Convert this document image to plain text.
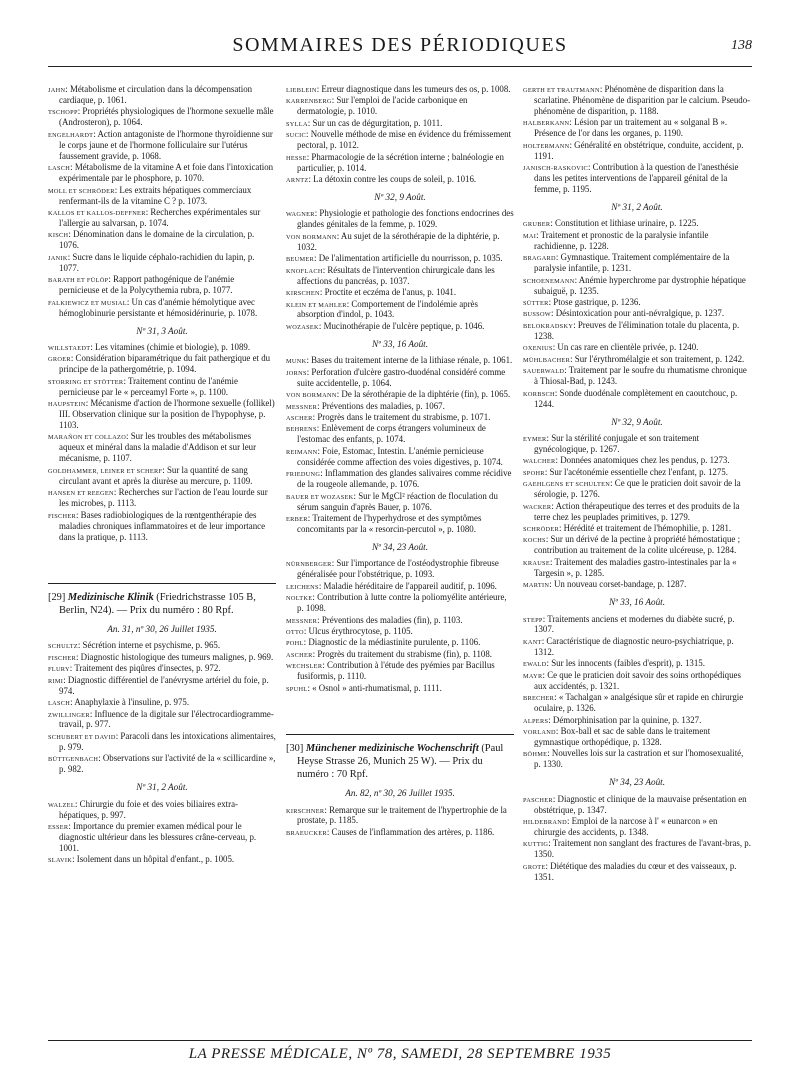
SOMMAIRES DES PÉRIODIQUES	138

JAHN: Métabolisme et circulation dans la décompensation cardiaque, p. 1061.

TSCHOPP: Propriétés physiologiques de l'hormone sexuelle mâle (Androsteron), p. 1064.

ENGELHARDT: Action antagoniste de l'hormone thyroïdienne sur le corps jaune et de l'hormone folliculaire sur l'utérus faussement gravide, p. 1068.

LASCH: Métabolisme de la vitamine A et foie dans l'intoxication expérimentale par le phosphore, p. 1070.

MOLL ET SCHRÖDER: Les extraits hépatiques commerciaux renfermant-ils de la vitamine C ? p. 1073.

KALLOS ET KALLOS-DEFFNER: Recherches expérimentales sur l'allergie au salvarsan, p. 1074.

KISCH: Dénomination dans le domaine de la circulation, p. 1076.

JANIK: Sucre dans le liquide céphalo-rachidien du lapin, p. 1077.

BARATH ET FÜLÖP: Rapport pathogénique de l'anémie pernicieuse et de la Polycythemia rubra, p. 1077.

FALKIEWICZ ET MUSIAL: Un cas d'anémie hémolytique avec hémoglobinurie persistante et hémosidérinurie, p. 1078.

Nº 31, 3 Août.

WILLSTAEDT: Les vitamines (chimie et biologie), p. 1089.

GROER: Considération biparamétrique du fait pathergique et du principe de la pathergométrie, p. 1094.

STORRING ET STÖTTER: Traitement continu de l'anémie pernicieuse par le « perceamyl Forte », p. 1100.

HAUPSTEIN: Mécanisme d'action de l'hormone sexuelle (follikel) III. Observation clinique sur la position de l'hypophyse, p. 1103.

MARAÑON ET COLLAZO: Sur les troubles des métabolismes aqueux et minéral dans la maladie d'Addison et sur leur mécanisme, p. 1107.

GOLDHAMMER, LEINER ET SCHERF: Sur la quantité de sang circulant avant et après la diurèse au mercure, p. 1109.

HANSEN ET REEGEN: Recherches sur l'action de l'eau lourde sur les microbes, p. 1113.

FISCHER: Bases radiobiologiques de la rœntgenthérapie des maladies chroniques inflammatoires et de leur importance dans la pratique, p. 1113.

[29] Medizinische Klinik (Friedrichstrasse 105 B, Berlin, N24). — Prix du numéro : 80 Rpf.
An. 31, nº 30, 26 Juillet 1935.

SCHULTZ: Sécrétion interne et psychisme, p. 965.

FISCHER: Diagnostic histologique des tumeurs malignes, p. 969.

FLURY: Traitement des piqûres d'insectes, p. 972.

RIMI: Diagnostic différentiel de l'anévrysme artériel du foie, p. 974.

LASCH: Anaphylaxie à l'insuline, p. 975.

ZWILLINGER: Influence de la digitale sur l'électrocardiogramme-travail, p. 977.

SCHUBERT ET DAVID: Paracoli dans les intoxications alimentaires, p. 979.

BÜTTGENBACH: Observations sur l'activité de la « scillicardine », p. 982.

Nº 31, 2 Août.

WALZEL: Chirurgie du foie et des voies biliaires extra-hépatiques, p. 997.

ESSER: Importance du premier examen médical pour le diagnostic ultérieur dans les blessures crâne-cerveau, p. 1001.

SLAVIK: Isolement dans un hôpital d'enfant., p. 1005.

LIEBLEIN: Erreur diagnostique dans les tumeurs des os, p. 1008.

KARRENBERG: Sur l'emploi de l'acide carbonique en dermatologie, p. 1010.

SYLLA: Sur un cas de dégurgitation, p. 1011.

SUCIC: Nouvelle méthode de mise en évidence du frémissement pectoral, p. 1012.

HESSE: Pharmacologie de la sécrétion interne ; balnéologie en particulier, p. 1014.

ARNTZ: La détoxin contre les coups de soleil, p. 1016.

Nº 32, 9 Août.

WAGNER: Physiologie et pathologie des fonctions endocrines des glandes génitales de la femme, p. 1029.

VON BORMANN: Au sujet de la sérothérapie de la diphtérie, p. 1032.

BEUMER: De l'alimentation artificielle du nourrisson, p. 1035.

KNOFLACH: Résultats de l'intervention chirurgicale dans les affections du pancréas, p. 1037.

KIRSCHEN: Proctite et eczéma de l'anus, p. 1041.

KLEIN ET MAHLER: Comportement de l'indolémie après absorption d'indol, p. 1043.

WOZASEK: Mucinothérapie de l'ulcère peptique, p. 1046.

Nº 33, 16 Août.

MUNK: Bases du traitement interne de la lithiase rénale, p. 1061.

JORNS: Perforation d'ulcère gastro-duodénal considéré comme suite accidentelle, p. 1064.

VON BORMANN: De la sérothérapie de la diphtérie (fin), p. 1065.

MESSNER: Préventions des maladies, p. 1067.

ASCHER: Progrès dans le traitement du strabisme, p. 1071.

BEHRENS: Enlèvement de corps étrangers volumineux de l'estomac des enfants, p. 1074.

REIMANN: Foie, Estomac, Intestin. L'anémie pernicieuse considérée comme affection des voies digestives, p. 1074.

FRIEDUNG: Inflammation des glandes salivaires comme récidive de la rougeole allemande, p. 1076.

BAUER ET WOZASEK: Sur le MgCl² réaction de floculation du sérum sanguin d'après Bauer, p. 1076.

ERBER: Traitement de l'hyperhydrose et des symptômes concomitants par la « resorcin-percutol », p. 1080.

Nº 34, 23 Août.

NÜRNBERGER: Sur l'importance de l'ostéodystrophie fibreuse généralisée pour l'obstétrique, p. 1093.

LEICHENS: Maladie héréditaire de l'appareil auditif, p. 1096.

NOLTKE: Contribution à lutte contre la poliomyélite antérieure, p. 1098.

MESSNER: Préventions des maladies (fin), p. 1103.

OTTO: Ulcus érythrocytose, p. 1105.

POHL: Diagnostic de la médiastinite purulente, p. 1106.

ASCHER: Progrès du traitement du strabisme (fin), p. 1108.

WECHSLER: Contribution à l'étude des pyémies par Bacillus fusiformis, p. 1110.

SPUHL: « Osnol » anti-rhumatismal, p. 1111.

[30] Münchener medizinische Wochenschrift (Paul Heyse Strasse 26, Munich 25 W). — Prix du numéro : 70 Rpf.
An. 82, nº 30, 26 Juillet 1935.

KIRSCHNER: Remarque sur le traitement de l'hypertrophie de la prostate, p. 1185.

BRAEUCKER: Causes de l'inflammation des artères, p. 1186.

GERTH ET TRAUTMANN: Phénomène de disparition dans la scarlatine. Phénomène de disparition par le calcium. Pseudo-phénomène de disparition, p. 1188.

HALBERKANN: Lésion par un traitement au « solganal B ». Présence de l'or dans les organes, p. 1190.

HOLTERMANN: Généralité en obstétrique, conduite, accident, p. 1191.

JANISCH-RASKOVIC: Contribution à la question de l'anesthésie dans les petites interventions de l'appareil génital de la femme, p. 1195.

Nº 31, 2 Août.

GRUBER: Constitution et lithiase urinaire, p. 1225.

MAI: Traitement et pronostic de la paralysie infantile rachidienne, p. 1228.

BRAGARD: Gymnastique. Traitement complémentaire de la paralysie infantile, p. 1231.

SCHOENEMANN: Anémie hyperchrome par dystrophie hépatique subaiguë, p. 1235.

SÜTTER: Ptose gastrique, p. 1236.

BUSSOW: Désintoxication pour anti-névralgique, p. 1237.

BELOKRADSKY: Preuves de l'élimination totale du placenta, p. 1238.

OXENIUS: Un cas rare en clientèle privée, p. 1240.

MÜHLBACHER: Sur l'érythromélalgie et son traitement, p. 1242.

SAUERWALD: Traitement par le soufre du rhumatisme chronique à Thiosal-Bad, p. 1243.

KORBSCH: Sonde duodénale complètement en caoutchouc, p. 1244.

Nº 32, 9 Août.

EYMER: Sur la stérilité conjugale et son traitement gynécologique, p. 1267.

WALCHER: Données anatomiques chez les pendus, p. 1273.

SPOHR: Sur l'acétonémie essentielle chez l'enfant, p. 1275.

GAEHLGENS ET SCHULTEN: Ce que le praticien doit savoir de la sérologie, p. 1276.

WACKER: Action thérapeutique des terres et des produits de la terre chez les peuplades primitives, p. 1279.

SCHRÖDER: Hérédité et traitement de l'hémophilie, p. 1281.

KOCHS: Sur un dérivé de la pectine à propriété hémostatique ; contribution au traitement de la colite ulcéreuse, p. 1284.

KRAUSE: Traitement des maladies gastro-intestinales par la « Targesin », p. 1285.

MARTIN: Un nouveau corset-bandage, p. 1287.

Nº 33, 16 Août.

STEPP: Traitements anciens et modernes du diabète sucré, p. 1307.

KANT: Caractéristique de diagnostic neuro-psychiatrique, p. 1312.

EWALD: Sur les innocents (faibles d'esprit), p. 1315.

MAYR: Ce que le praticien doit savoir des soins orthopédiques aux accidentés, p. 1321.

BRECHER: « Tachalgan » analgésique sûr et rapide en chirurgie oculaire, p. 1326.

ALPERS: Démorphinisation par la quinine, p. 1327.

VORLAND: Box-ball et sac de sable dans le traitement gymnastique orthopédique, p. 1328.

BÖHME: Nouvelles lois sur la castration et sur l'homosexualité, p. 1330.

Nº 34, 23 Août.

PASCHER: Diagnostic et clinique de la mauvaise présentation en obstétrique, p. 1347.

HILDEBRAND: Emploi de la narcose à l' « eunarcon » en chirurgie des accidents, p. 1348.

KUTTIG: Traitement non sanglant des fractures de l'avant-bras, p. 1350.

GROTE: Diététique des maladies du cœur et des vaisseaux, p. 1351.

LA PRESSE MÉDICALE, Nº 78, SAMEDI, 28 SEPTEMBRE 1935
